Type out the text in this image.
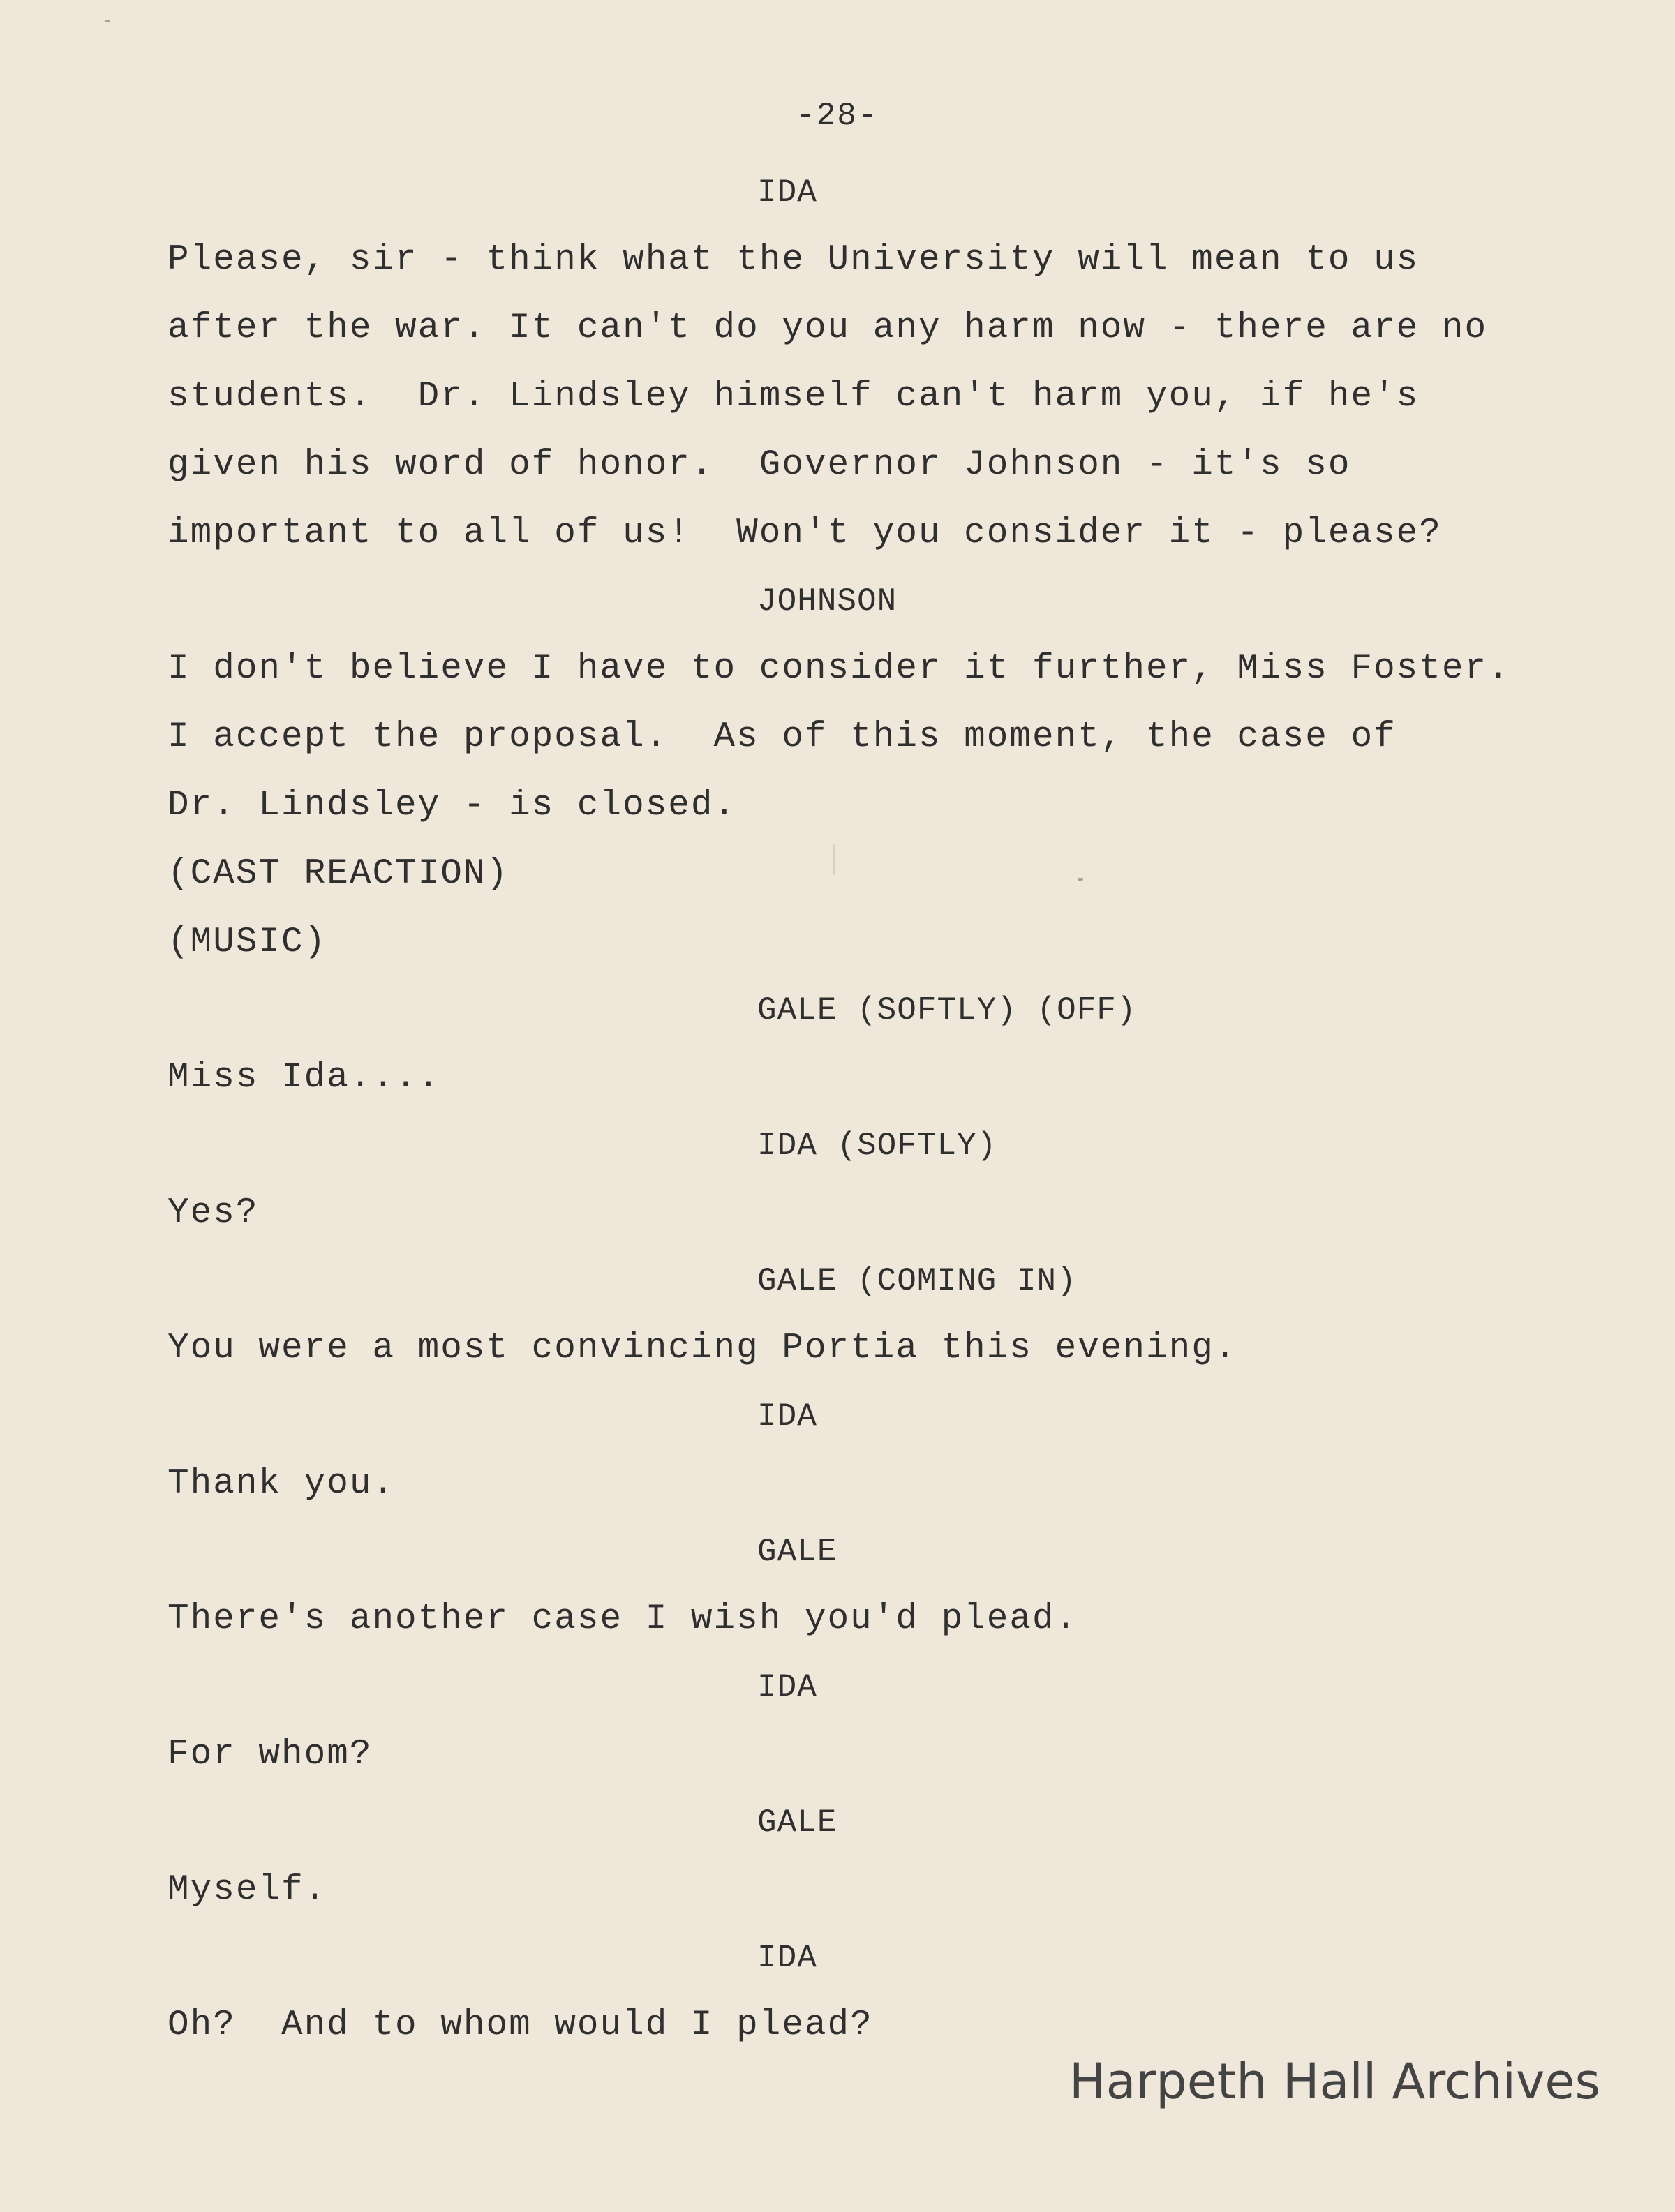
-28-
IDA
Please, sir - think what the University will mean to us
after the war. It can't do you any harm now - there are no
students.  Dr. Lindsley himself can't harm you, if he's
given his word of honor.  Governor Johnson - it's so
important to all of us!  Won't you consider it - please?
JOHNSON
I don't believe I have to consider it further, Miss Foster.
I accept the proposal.  As of this moment, the case of
Dr. Lindsley - is closed.
(CAST REACTION)
(MUSIC)
GALE (SOFTLY) (OFF)
Miss Ida....
IDA (SOFTLY)
Yes?
GALE (COMING IN)
You were a most convincing Portia this evening.
IDA
Thank you.
GALE
There's another case I wish you'd plead.
IDA
For whom?
GALE
Myself.
IDA
Oh?  And to whom would I plead?
Harpeth Hall Archives
